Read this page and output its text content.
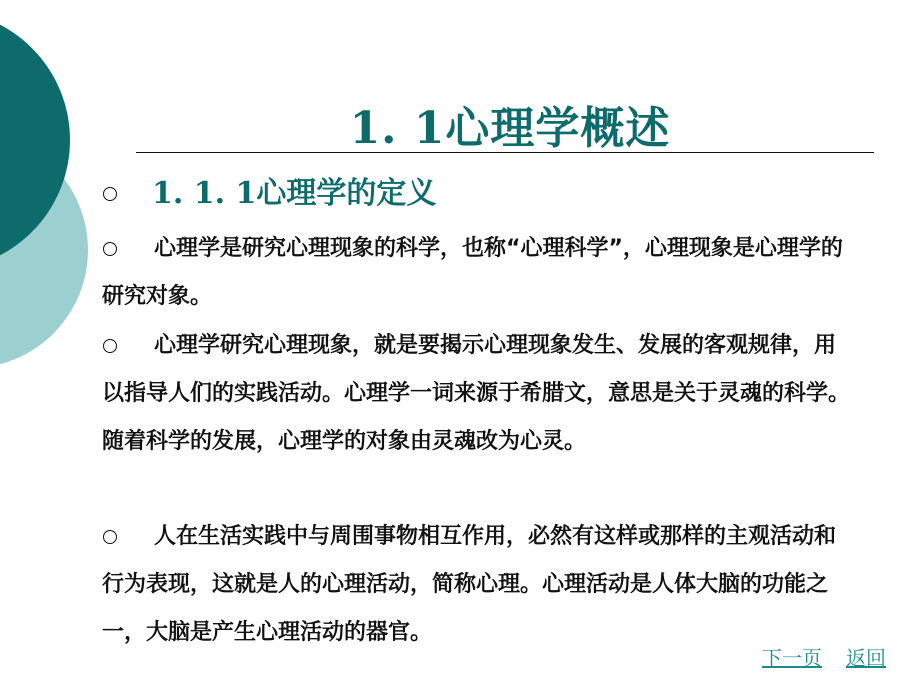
1. 1心理学概述
1. 1. 1心理学的定义
心理学是研究心理现象的科学，也称“心理科学”，心理现象是心理学的研究对象。
心理学研究心理现象，就是要揭示心理现象发生、发展的客观规律，用以指导人们的实践活动。心理学一词来源于希腊文，意思是关于灵魂的科学。随着科学的发展，心理学的对象由灵魂改为心灵。
人在生活实践中与周围事物相互作用，必然有这样或那样的主观活动和行为表现，这就是人的心理活动，简称心理。心理活动是人体大脑的功能之一，大脑是产生心理活动的器官。
下一页 返回
